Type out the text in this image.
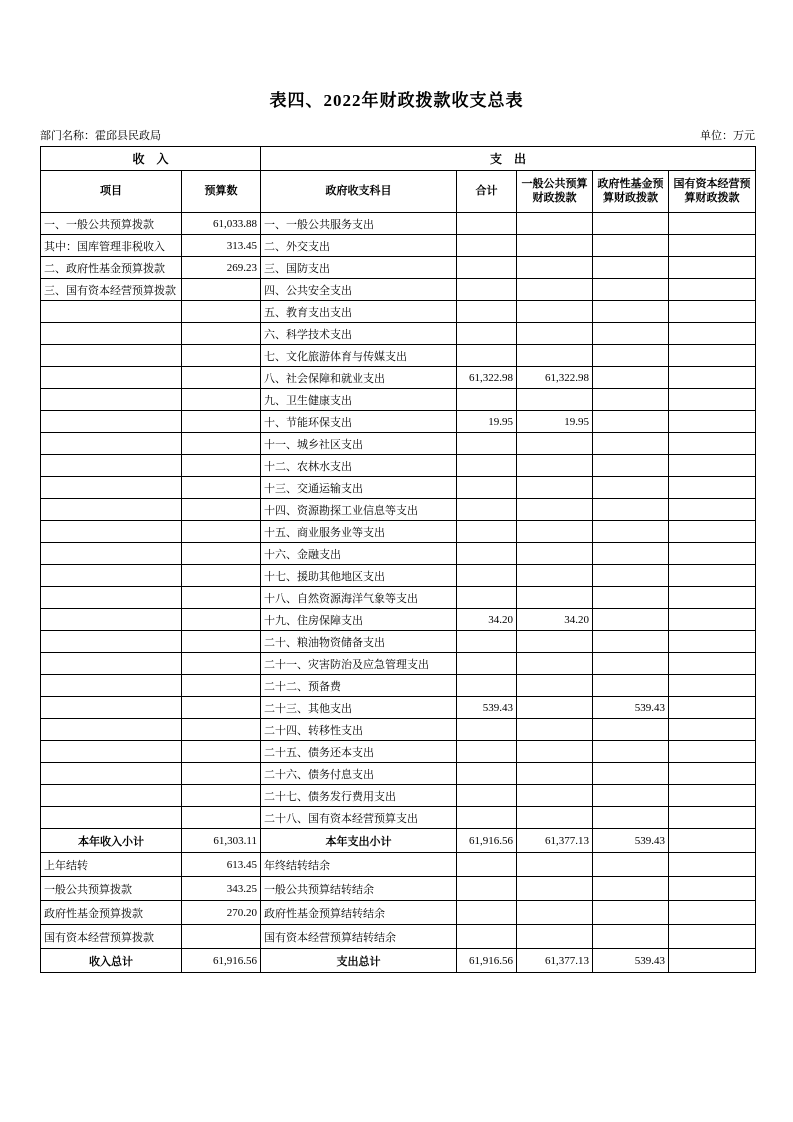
表四、2022年财政拨款收支总表
部门名称：霍邱县民政局	单位：万元
收　入		支　出				
项目	预算数	政府收支科目	合计	一般公共预算财政拨款	政府性基金预算财政拨款	国有资本经营预算财政拨款
一、一般公共预算拨款	61,033.88	一、一般公共服务支出				
其中：国库管理非税收入	313.45	二、外交支出				
二、政府性基金预算拨款	269.23	三、国防支出				
三、国有资本经营预算拨款		四、公共安全支出				
		五、教育支出支出				
		六、科学技术支出				
		七、文化旅游体育与传媒支出				
		八、社会保障和就业支出	61,322.98	61,322.98		
		九、卫生健康支出				
		十、节能环保支出	19.95	19.95		
		十一、城乡社区支出				
		十二、农林水支出				
		十三、交通运输支出				
		十四、资源勘探工业信息等支出				
		十五、商业服务业等支出				
		十六、金融支出				
		十七、援助其他地区支出				
		十八、自然资源海洋气象等支出				
		十九、住房保障支出	34.20	34.20		
		二十、粮油物资储备支出				
		二十一、灾害防治及应急管理支出				
		二十二、预备费				
		二十三、其他支出	539.43		539.43	
		二十四、转移性支出				
		二十五、债务还本支出				
		二十六、债务付息支出				
		二十七、债务发行费用支出				
		二十八、国有资本经营预算支出				
本年收入小计	61,303.11	本年支出小计	61,916.56	61,377.13	539.43	
上年结转	613.45	年终结转结余				
一般公共预算拨款	343.25	一般公共预算结转结余				
政府性基金预算拨款	270.20	政府性基金预算结转结余				
国有资本经营预算拨款		国有资本经营预算结转结余				
收入总计	61,916.56	支出总计	61,916.56	61,377.13	539.43	
